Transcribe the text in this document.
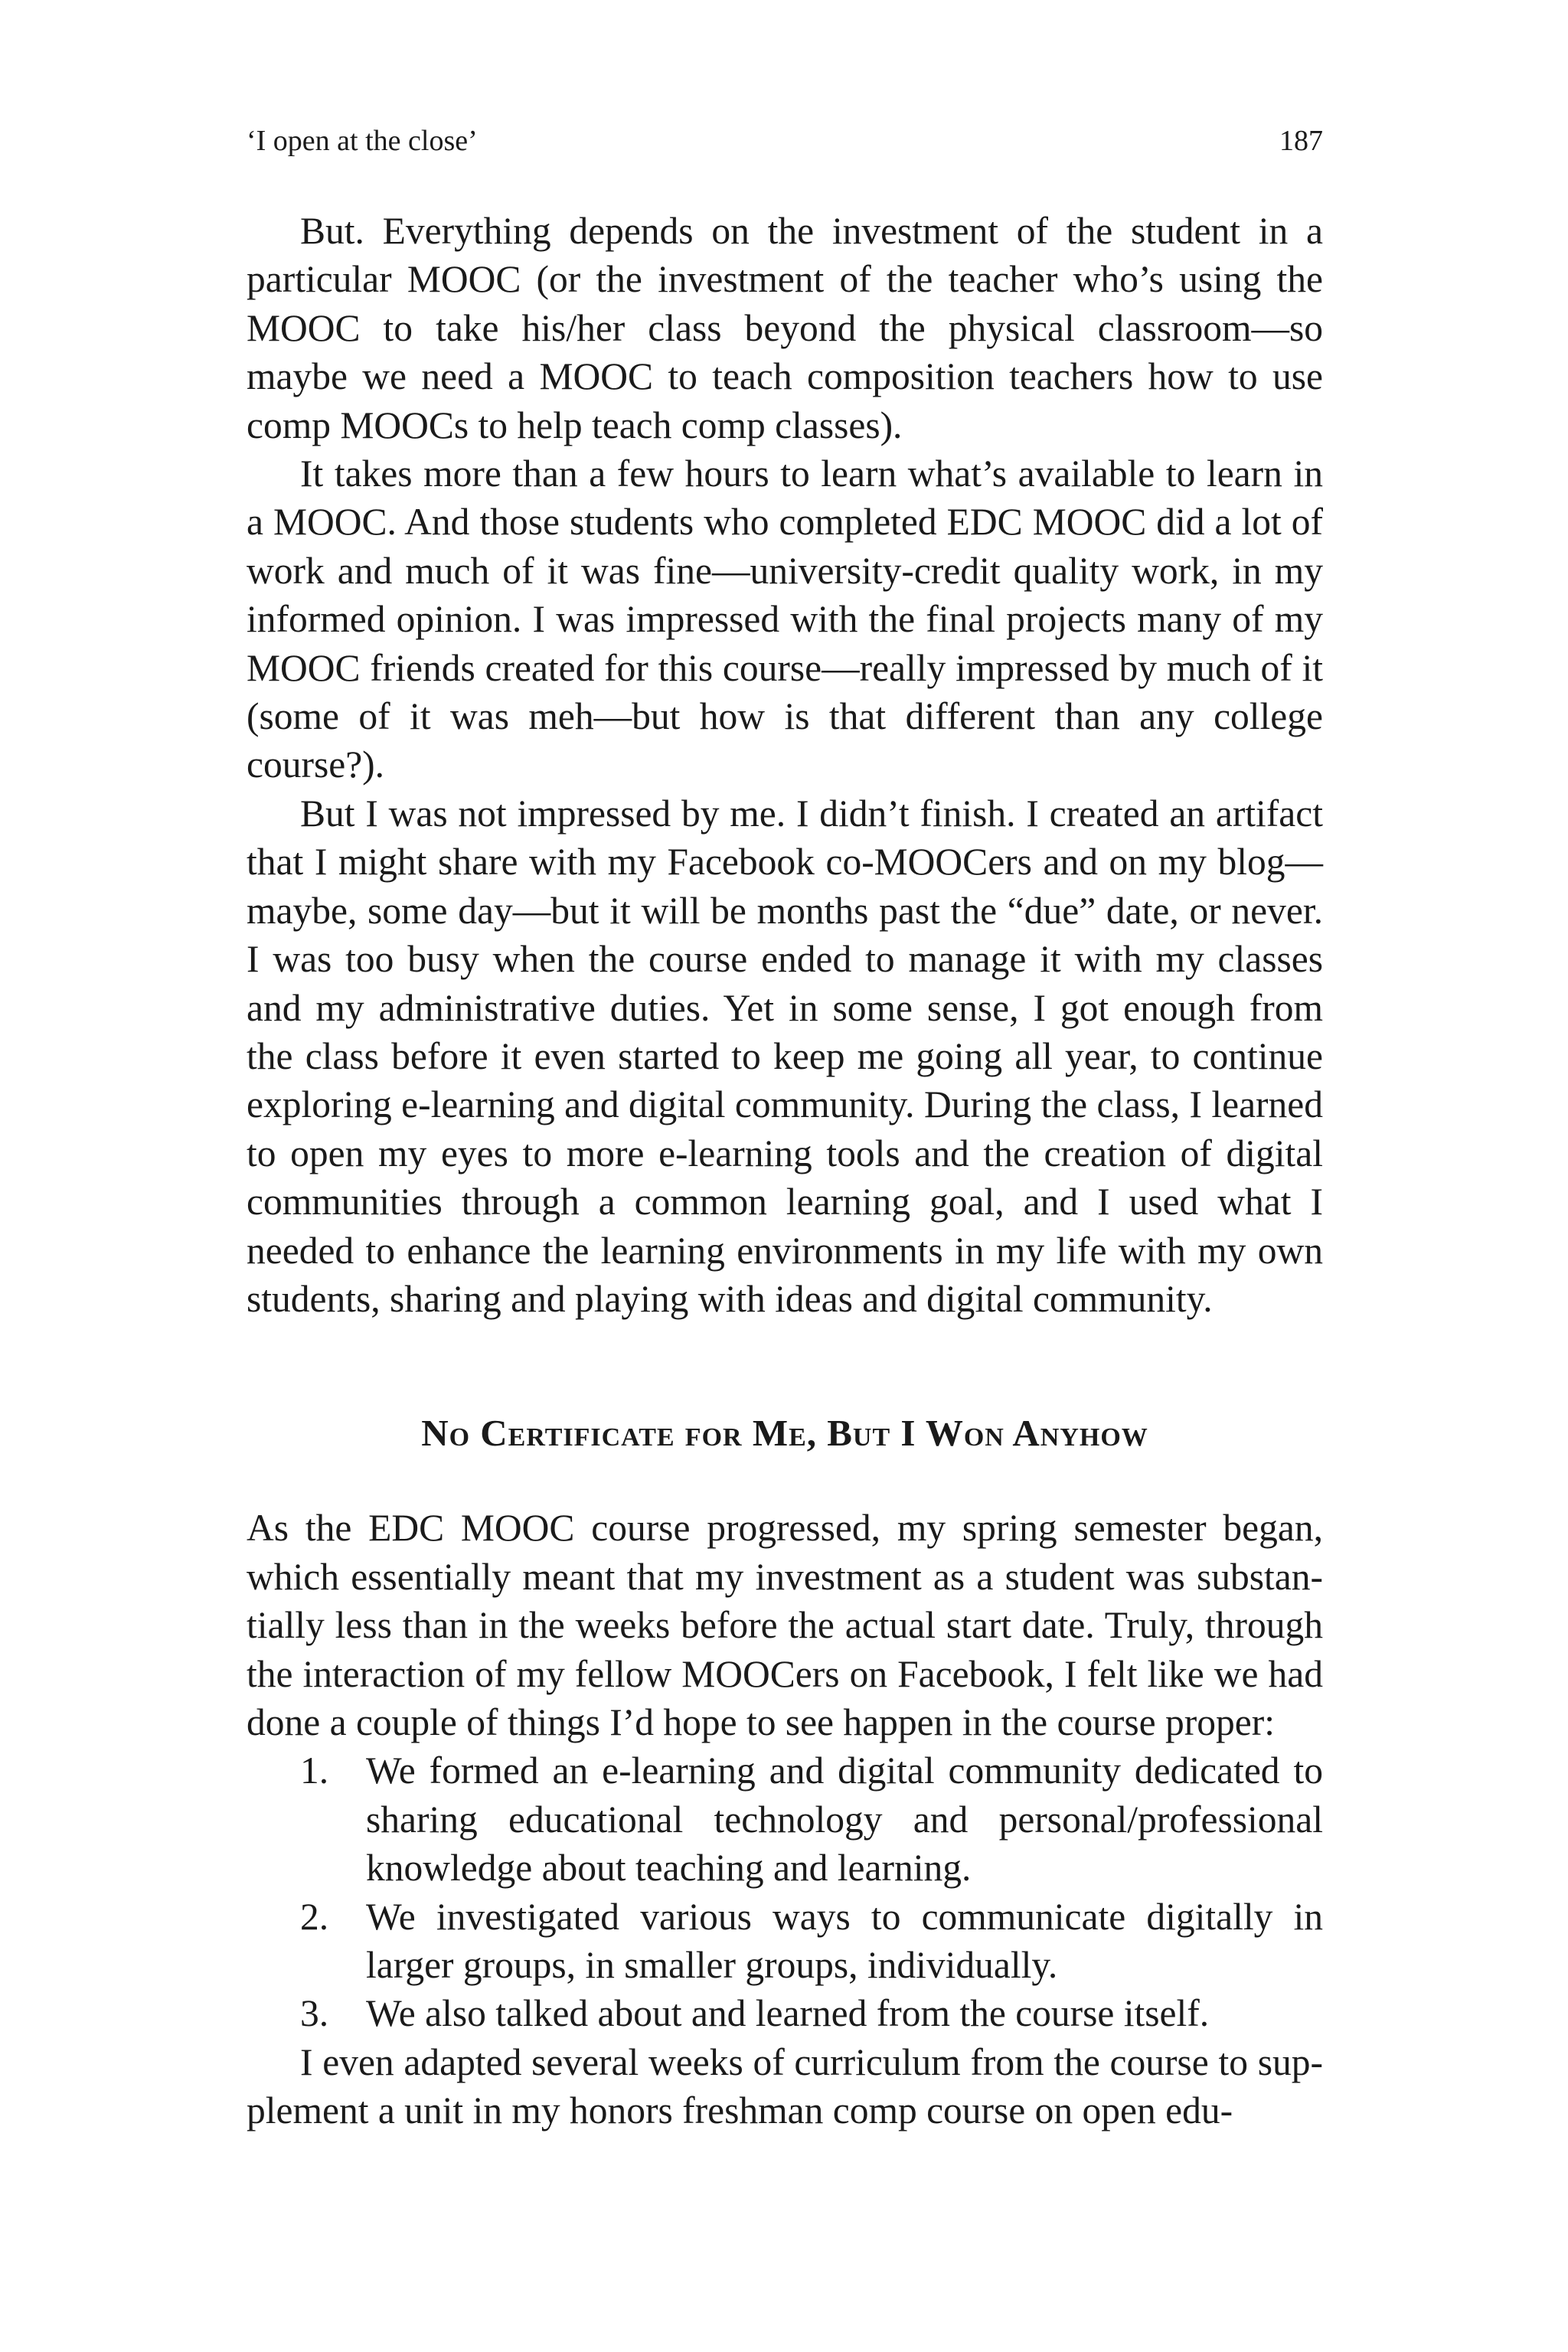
‘I open at the close’	187

But. Everything depends on the investment of the student in a particular MOOC (or the investment of the teacher who’s using the MOOC to take his/her class beyond the physical classroom—so maybe we need a MOOC to teach composition teachers how to use comp MOOCs to help teach comp classes).

It takes more than a few hours to learn what’s available to learn in a MOOC. And those students who completed EDC MOOC did a lot of work and much of it was fine—university-credit quality work, in my informed opinion. I was impressed with the final projects many of my MOOC friends created for this course—really impressed by much of it (some of it was meh—but how is that different than any college course?).

But I was not impressed by me. I didn’t finish. I created an artifact that I might share with my Facebook co-MOOCers and on my blog—maybe, some day—but it will be months past the “due” date, or never. I was too busy when the course ended to manage it with my classes and my administrative duties. Yet in some sense, I got enough from the class before it even started to keep me going all year, to continue exploring e-learning and digital community. During the class, I learned to open my eyes to more e-learning tools and the creation of digital communities through a common learning goal, and I used what I needed to enhance the learning environments in my life with my own students, sharing and playing with ideas and digital community.

No Certificate for Me, But I Won Anyhow

As the EDC MOOC course progressed, my spring semester began, which essentially meant that my investment as a student was substantially less than in the weeks before the actual start date. Truly, through the interaction of my fellow MOOCers on Facebook, I felt like we had done a couple of things I’d hope to see happen in the course proper:

1. We formed an e-learning and digital community dedicated to sharing educational technology and personal/professional knowledge about teaching and learning.
2. We investigated various ways to communicate digitally in larger groups, in smaller groups, individually.
3. We also talked about and learned from the course itself.

I even adapted several weeks of curriculum from the course to supplement a unit in my honors freshman comp course on open edu-
